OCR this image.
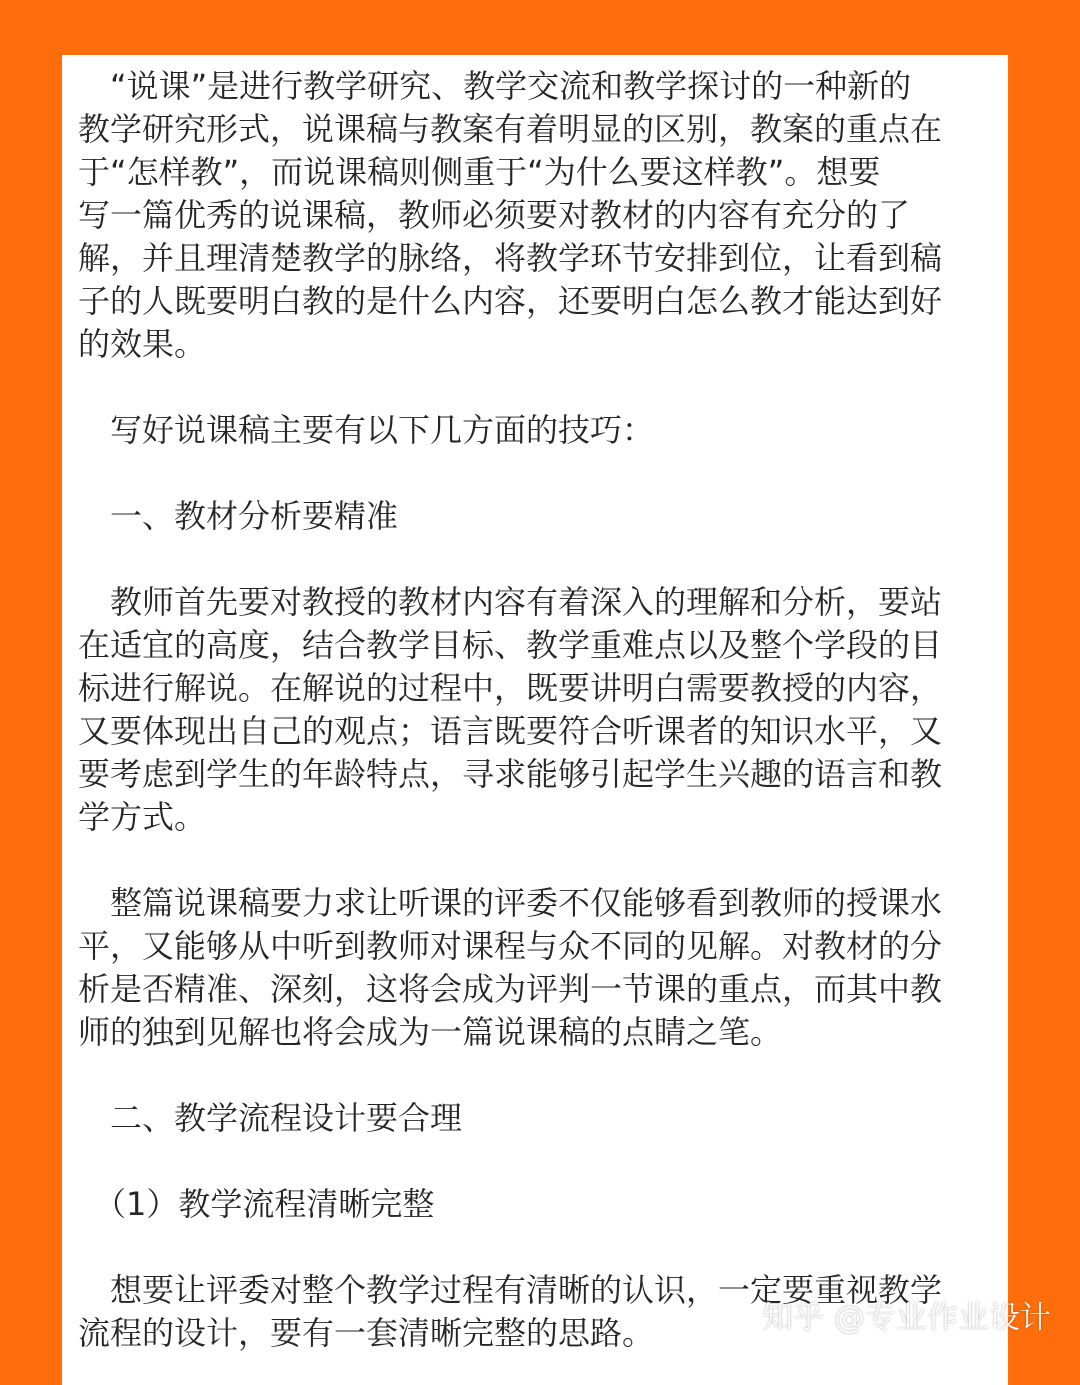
　“说课”是进行教学研究、教学交流和教学探讨的一种新的
教学研究形式，说课稿与教案有着明显的区别，教案的重点在
于“怎样教”，而说课稿则侧重于“为什么要这样教”。想要
写一篇优秀的说课稿，教师必须要对教材的内容有充分的了
解，并且理清楚教学的脉络，将教学环节安排到位，让看到稿
子的人既要明白教的是什么内容，还要明白怎么教才能达到好
的效果。
　写好说课稿主要有以下几方面的技巧：
　一、教材分析要精准
　教师首先要对教授的教材内容有着深入的理解和分析，要站
在适宜的高度，结合教学目标、教学重难点以及整个学段的目
标进行解说。在解说的过程中，既要讲明白需要教授的内容，
又要体现出自己的观点；语言既要符合听课者的知识水平，又
要考虑到学生的年龄特点，寻求能够引起学生兴趣的语言和教
学方式。
　整篇说课稿要力求让听课的评委不仅能够看到教师的授课水
平，又能够从中听到教师对课程与众不同的见解。对教材的分
析是否精准、深刻，这将会成为评判一节课的重点，而其中教
师的独到见解也将会成为一篇说课稿的点睛之笔。
　二、教学流程设计要合理
　（1）教学流程清晰完整
　想要让评委对整个教学过程有清晰的认识，一定要重视教学
流程的设计，要有一套清晰完整的思路。	知乎 @专业作业设计
